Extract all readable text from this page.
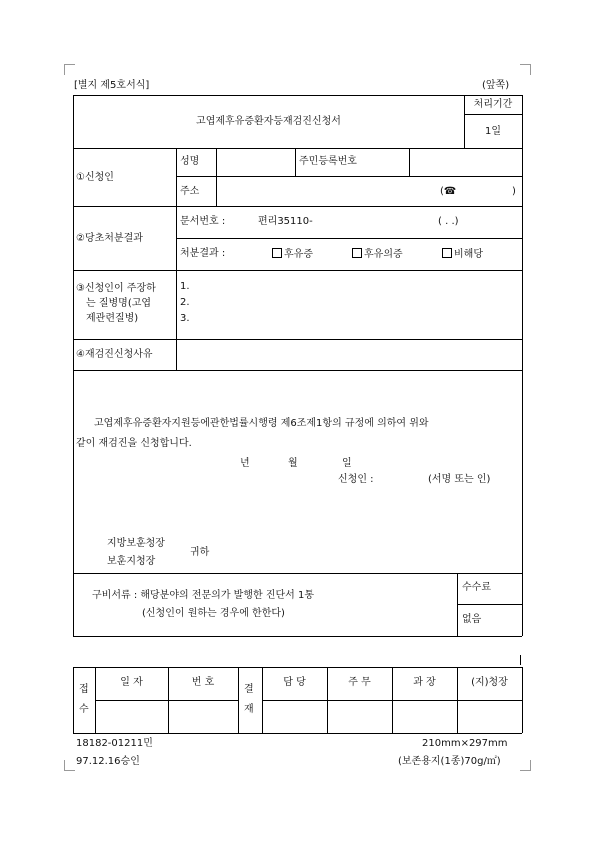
[별지 제5호서식]	(앞쪽)
고엽제후유증환자등재검진신청서
처리기간
1일
①신청인
성명	주민등록번호
주소	(☎	)
②당초처분결과
문서번호 :	편리35110-	( . .)
처분결과 :	후유증	후유의증	비해당
③신청인이 주장하
는 질병명(고엽
제관련질병)
1.
2.
3.
④재검진신청사유
고엽제후유증환자지원등에관한법률시행령 제6조제1항의 규정에 의하여 위와
같이 재검진을 신청합니다.
년	월	일
신청인 :	(서명 또는 인)
지방보훈청장
보훈지청장
귀하
구비서류 : 해당분야의 전문의가 발행한 진단서 1통
(신청인이 원하는 경우에 한한다)
수수료
없음
접
수
일 자	번 호
결
재
담 당	주 무	과 장	(지)청장
18182-01211민
97.12.16승인
210mm×297mm
(보존용지(1종)70g/㎡)
